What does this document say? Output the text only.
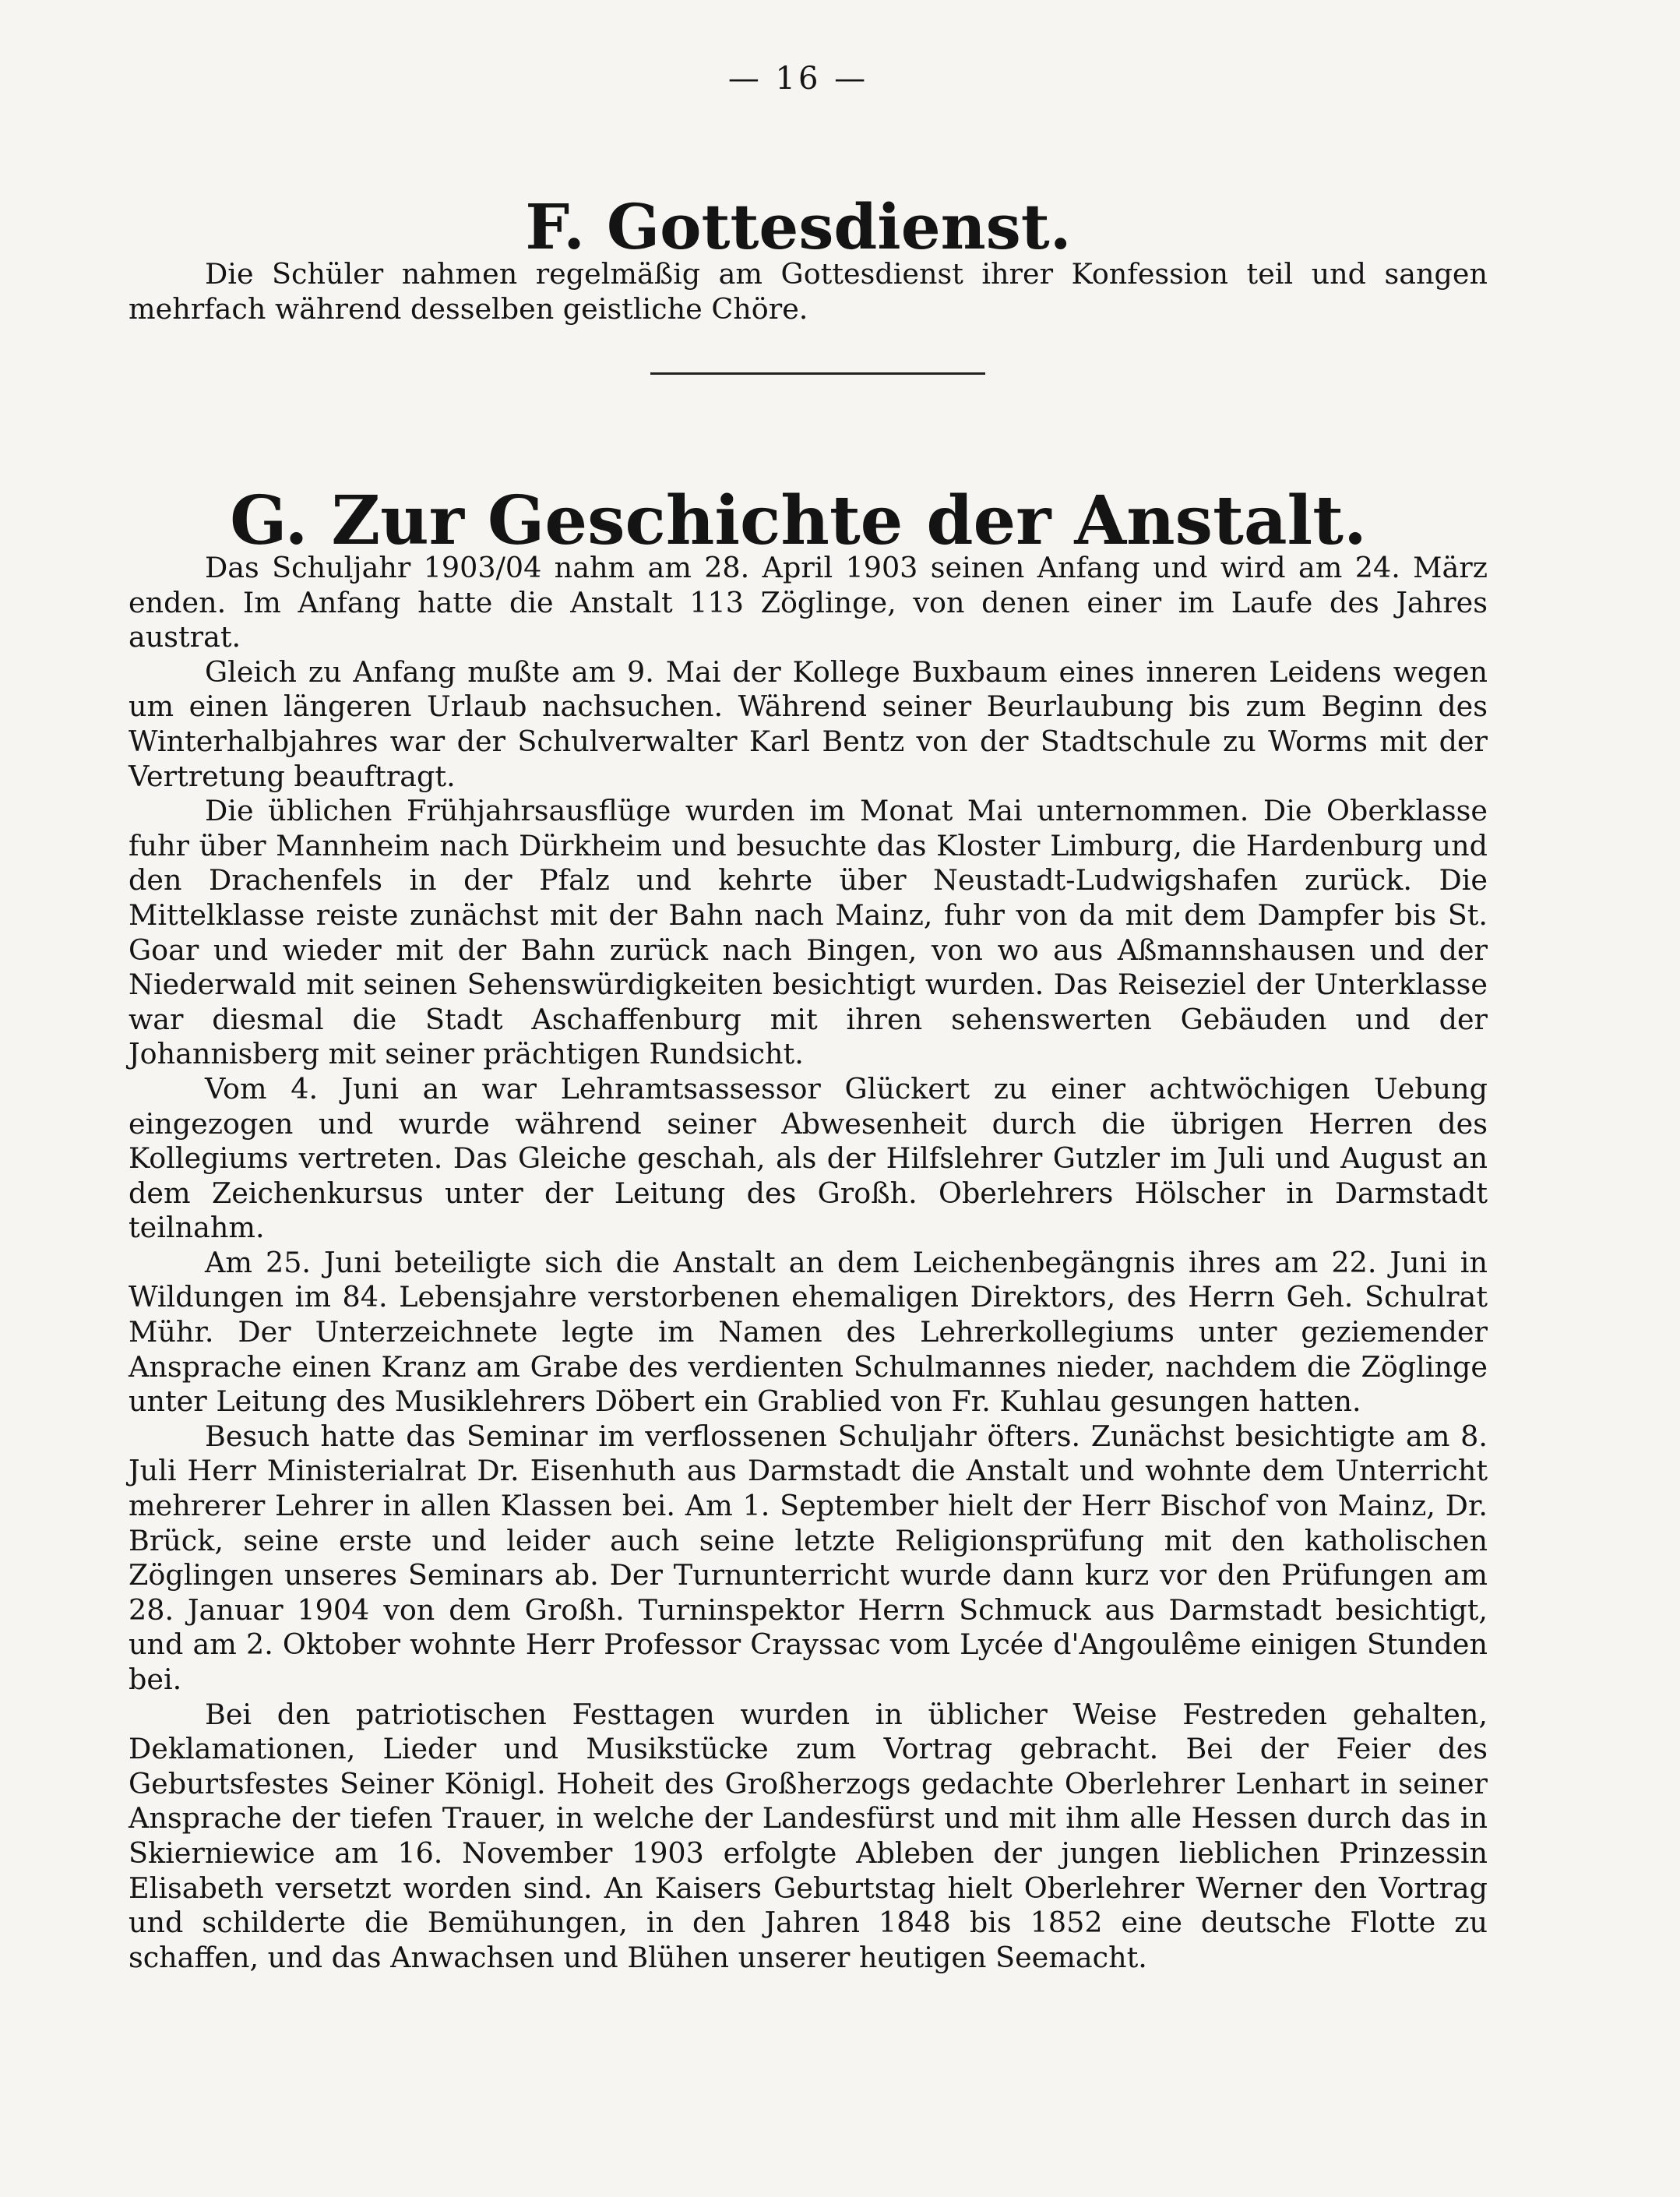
— 16 —
F. Gottesdienst.

Die Schüler nahmen regelmäßig am Gottesdienst ihrer Konfession teil und sangen mehrfach während desselben geistliche Chöre.

G. Zur Geschichte der Anstalt.

Das Schuljahr 1903/04 nahm am 28. April 1903 seinen Anfang und wird am 24. März enden. Im Anfang hatte die Anstalt 113 Zöglinge, von denen einer im Laufe des Jahres austrat.

Gleich zu Anfang mußte am 9. Mai der Kollege Buxbaum eines inneren Leidens wegen um einen längeren Urlaub nachsuchen. Während seiner Beurlaubung bis zum Beginn des Winterhalbjahres war der Schulverwalter Karl Bentz von der Stadtschule zu Worms mit der Vertretung beauftragt.

Die üblichen Frühjahrsausflüge wurden im Monat Mai unternommen. Die Oberklasse fuhr über Mannheim nach Dürkheim und besuchte das Kloster Limburg, die Hardenburg und den Drachenfels in der Pfalz und kehrte über Neustadt-Ludwigshafen zurück. Die Mittelklasse reiste zunächst mit der Bahn nach Mainz, fuhr von da mit dem Dampfer bis St. Goar und wieder mit der Bahn zurück nach Bingen, von wo aus Aßmannshausen und der Niederwald mit seinen Sehenswürdigkeiten besichtigt wurden. Das Reiseziel der Unterklasse war diesmal die Stadt Aschaffenburg mit ihren sehenswerten Gebäuden und der Johannisberg mit seiner prächtigen Rundsicht.

Vom 4. Juni an war Lehramtsassessor Glückert zu einer achtwöchigen Uebung eingezogen und wurde während seiner Abwesenheit durch die übrigen Herren des Kollegiums vertreten. Das Gleiche geschah, als der Hilfslehrer Gutzler im Juli und August an dem Zeichenkursus unter der Leitung des Großh. Oberlehrers Hölscher in Darmstadt teilnahm.

Am 25. Juni beteiligte sich die Anstalt an dem Leichenbegängnis ihres am 22. Juni in Wildungen im 84. Lebensjahre verstorbenen ehemaligen Direktors, des Herrn Geh. Schulrat Mühr. Der Unterzeichnete legte im Namen des Lehrerkollegiums unter geziemender Ansprache einen Kranz am Grabe des verdienten Schulmannes nieder, nachdem die Zöglinge unter Leitung des Musiklehrers Döbert ein Grablied von Fr. Kuhlau gesungen hatten.

Besuch hatte das Seminar im verflossenen Schuljahr öfters. Zunächst besichtigte am 8. Juli Herr Ministerialrat Dr. Eisenhuth aus Darmstadt die Anstalt und wohnte dem Unterricht mehrerer Lehrer in allen Klassen bei. Am 1. September hielt der Herr Bischof von Mainz, Dr. Brück, seine erste und leider auch seine letzte Religionsprüfung mit den katholischen Zöglingen unseres Seminars ab. Der Turnunterricht wurde dann kurz vor den Prüfungen am 28. Januar 1904 von dem Großh. Turninspektor Herrn Schmuck aus Darmstadt besichtigt, und am 2. Oktober wohnte Herr Professor Crayssac vom Lycée d'Angoulême einigen Stunden bei.

Bei den patriotischen Festtagen wurden in üblicher Weise Festreden gehalten, Deklamationen, Lieder und Musikstücke zum Vortrag gebracht. Bei der Feier des Geburtsfestes Seiner Königl. Hoheit des Großherzogs gedachte Oberlehrer Lenhart in seiner Ansprache der tiefen Trauer, in welche der Landesfürst und mit ihm alle Hessen durch das in Skierniewice am 16. November 1903 erfolgte Ableben der jungen lieblichen Prinzessin Elisabeth versetzt worden sind. An Kaisers Geburtstag hielt Oberlehrer Werner den Vortrag und schilderte die Bemühungen, in den Jahren 1848 bis 1852 eine deutsche Flotte zu schaffen, und das Anwachsen und Blühen unserer heutigen Seemacht.
